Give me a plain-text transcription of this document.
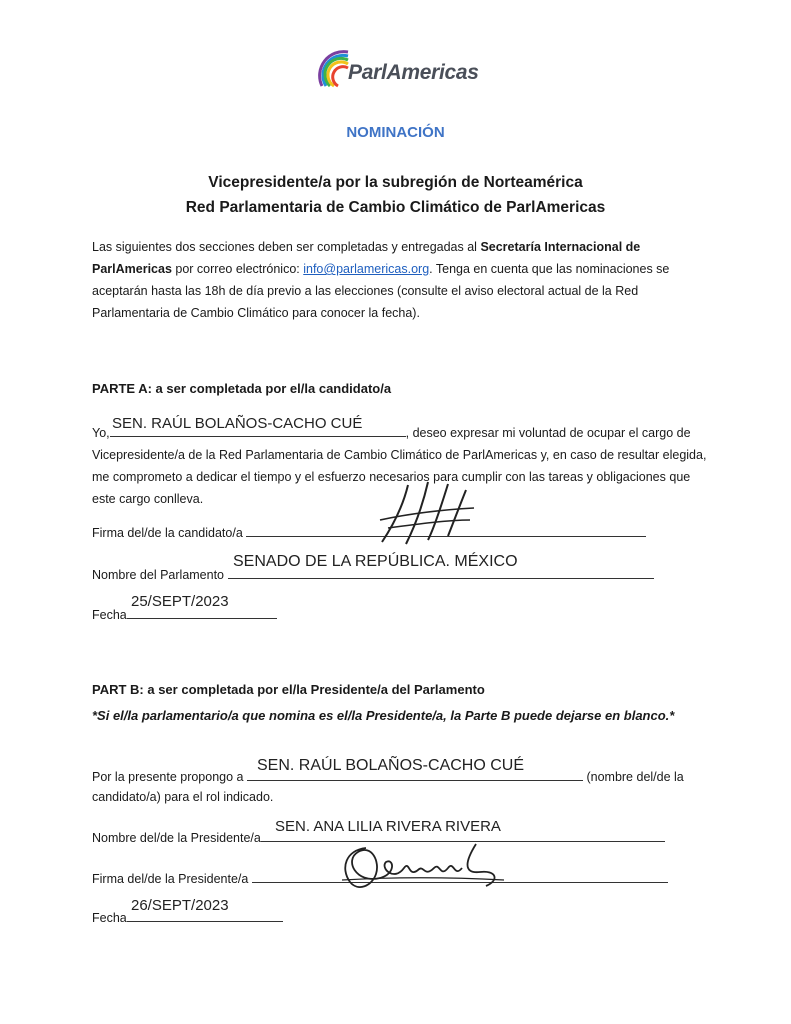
ParlAmericas
NOMINACIÓN
Vicepresidente/a por la subregión de Norteamérica
Red Parlamentaria de Cambio Climático de ParlAmericas
Las siguientes dos secciones deben ser completadas y entregadas al Secretaría Internacional de ParlAmericas por correo electrónico: info@parlamericas.org. Tenga en cuenta que las nominaciones se aceptarán hasta las 18h de día previo a las elecciones (consulte el aviso electoral actual de la Red Parlamentaria de Cambio Climático para conocer la fecha).
PARTE A: a ser completada por el/la candidato/a
Yo,	, deseo expresar mi voluntad de ocupar el cargo de Vicepresidente/a de la Red Parlamentaria de Cambio Climático de ParlAmericas y, en caso de resultar elegida, me comprometo a dedicar el tiempo y el esfuerzo necesarios para cumplir con las tareas y obligaciones que este cargo conlleva.
SEN. RAÚL BOLAÑOS-CACHO CUÉ
Firma del/de la candidato/a
Nombre del Parlamento
SENADO DE LA REPÚBLICA. MÉXICO
Fecha
25/SEPT/2023
PART B: a ser completada por el/la Presidente/a del Parlamento
*Si el/la parlamentario/a que nomina es el/la Presidente/a, la Parte B puede dejarse en blanco.*
Por la presente propongo a	(nombre del/de la
SEN. RAÚL BOLAÑOS-CACHO CUÉ
candidato/a) para el rol indicado.
Nombre del/de la Presidente/a
SEN. ANA LILIA RIVERA RIVERA
Firma del/de la Presidente/a
Fecha
26/SEPT/2023
